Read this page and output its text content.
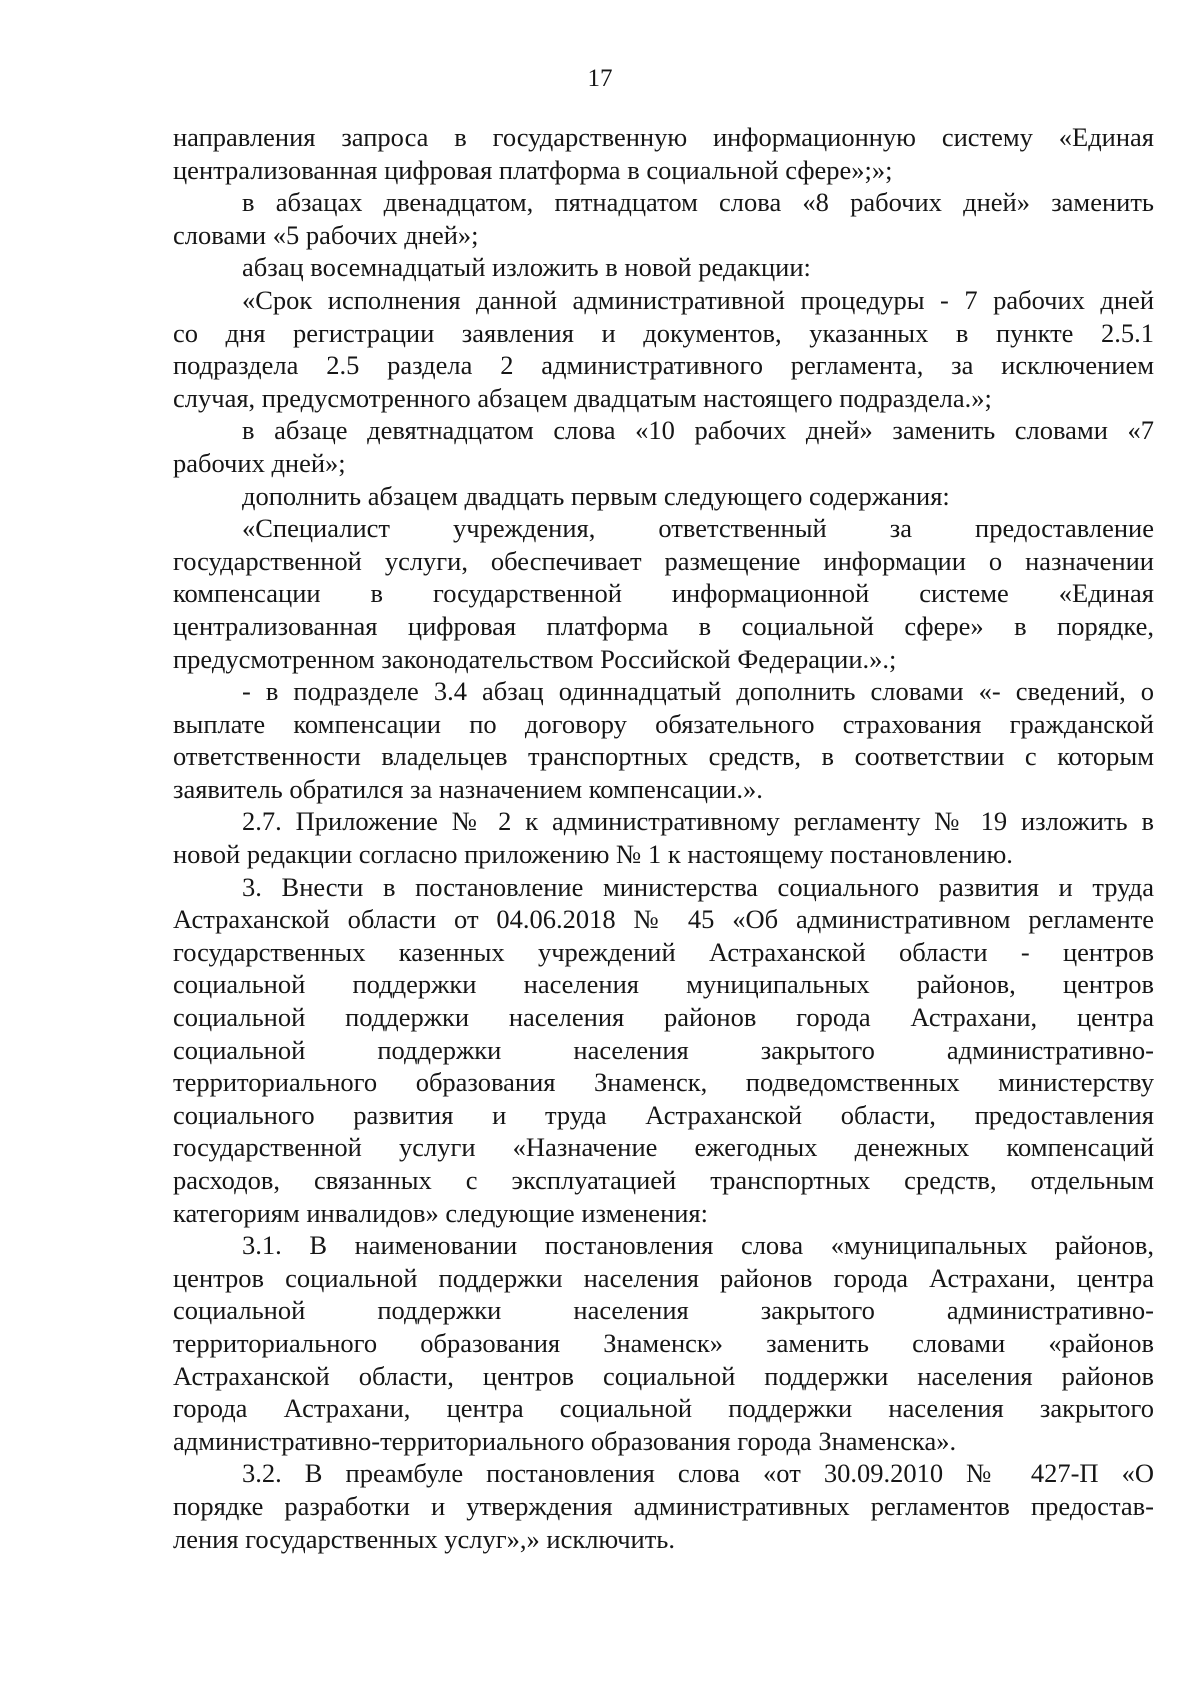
17
направления запроса в государственную информационную систему «Единая
централизованная цифровая платформа в социальной сфере»;»;
в абзацах двенадцатом, пятнадцатом слова «8 рабочих дней» заменить
словами «5 рабочих дней»;
абзац восемнадцатый изложить в новой редакции:
«Срок исполнения данной административной процедуры - 7 рабочих дней
со дня регистрации заявления и документов, указанных в пункте 2.5.1
подраздела 2.5 раздела 2 административного регламента, за исключением
случая, предусмотренного абзацем двадцатым настоящего подраздела.»;
в абзаце девятнадцатом слова «10 рабочих дней» заменить словами «7
рабочих дней»;
дополнить абзацем двадцать первым следующего содержания:
«Специалист учреждения, ответственный за предоставление
государственной услуги, обеспечивает размещение информации о назначении
компенсации в государственной информационной системе «Единая
централизованная цифровая платформа в социальной сфере» в порядке,
предусмотренном законодательством Российской Федерации.».;
- в подразделе 3.4 абзац одиннадцатый дополнить словами «- сведений, о
выплате компенсации по договору обязательного страхования гражданской
ответственности владельцев транспортных средств, в соответствии с которым
заявитель обратился за назначением компенсации.».
2.7. Приложение № 2 к административному регламенту № 19 изложить в
новой редакции согласно приложению № 1 к настоящему постановлению.
3. Внести в постановление министерства социального развития и труда
Астраханской области от 04.06.2018 № 45 «Об административном регламенте
государственных казенных учреждений Астраханской области - центров
социальной поддержки населения муниципальных районов, центров
социальной поддержки населения районов города Астрахани, центра
социальной поддержки населения закрытого административно-
территориального образования Знаменск, подведомственных министерству
социального развития и труда Астраханской области, предоставления
государственной услуги «Назначение ежегодных денежных компенсаций
расходов, связанных с эксплуатацией транспортных средств, отдельным
категориям инвалидов» следующие изменения:
3.1. В наименовании постановления слова «муниципальных районов,
центров социальной поддержки населения районов города Астрахани, центра
социальной поддержки населения закрытого административно-
территориального образования Знаменск» заменить словами «районов
Астраханской области, центров социальной поддержки населения районов
города Астрахани, центра социальной поддержки населения закрытого
административно-территориального образования города Знаменска».
3.2. В преамбуле постановления слова «от 30.09.2010 № 427-П «О
порядке разработки и утверждения административных регламентов предостав-
ления государственных услуг»,» исключить.
